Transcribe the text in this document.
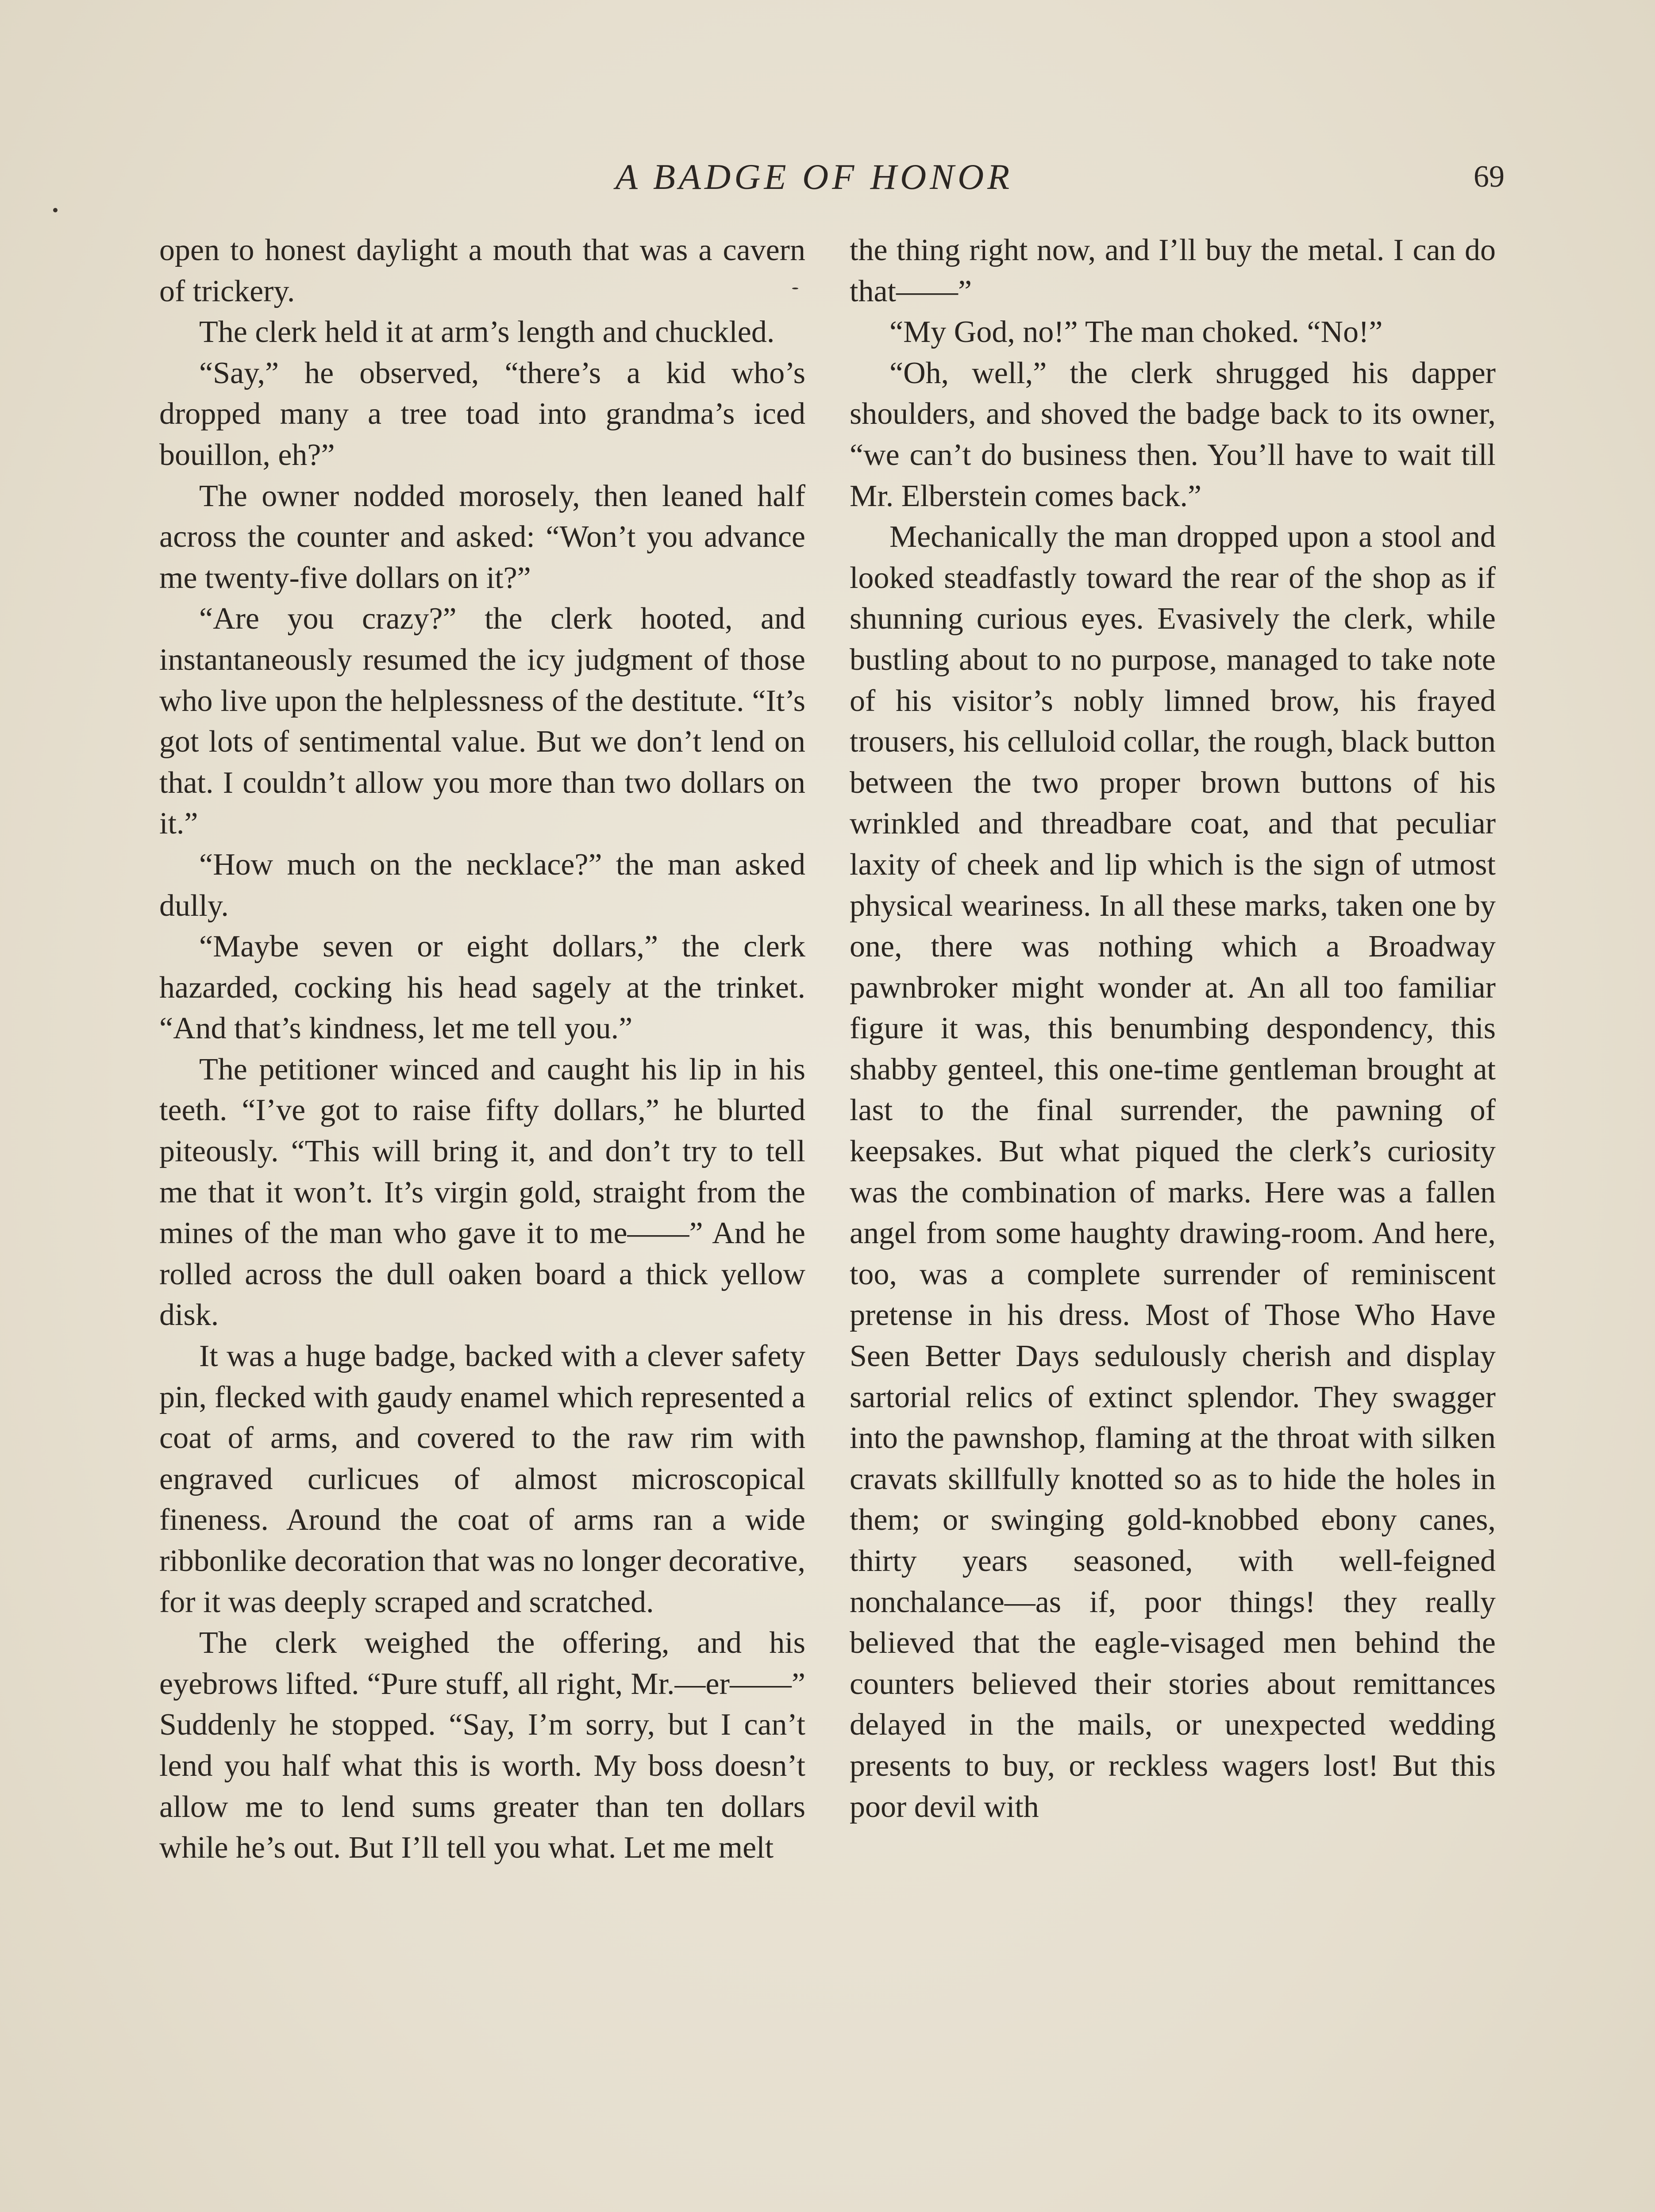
A BADGE OF HONOR	69

open to honest daylight a mouth that was a cavern of trickery.

The clerk held it at arm’s length and chuckled.

“Say,” he observed, “there’s a kid who’s dropped many a tree toad into grandma’s iced bouillon, eh?”

The owner nodded morosely, then leaned half across the counter and asked: “Won’t you advance me twenty-five dollars on it?”

“Are you crazy?” the clerk hooted, and instantaneously resumed the icy judgment of those who live upon the helplessness of the destitute. “It’s got lots of sentimental value. But we don’t lend on that. I couldn’t allow you more than two dollars on it.”

“How much on the necklace?” the man asked dully.

“Maybe seven or eight dollars,” the clerk hazarded, cocking his head sagely at the trinket. “And that’s kindness, let me tell you.”

The petitioner winced and caught his lip in his teeth. “I’ve got to raise fifty dollars,” he blurted piteously. “This will bring it, and don’t try to tell me that it won’t. It’s virgin gold, straight from the mines of the man who gave it to me——” And he rolled across the dull oaken board a thick yellow disk.

It was a huge badge, backed with a clever safety pin, flecked with gaudy enamel which represented a coat of arms, and covered to the raw rim with engraved curlicues of almost microscopical fineness. Around the coat of arms ran a wide ribbonlike decoration that was no longer decorative, for it was deeply scraped and scratched.

The clerk weighed the offering, and his eyebrows lifted. “Pure stuff, all right, Mr.—er——” Suddenly he stopped. “Say, I’m sorry, but I can’t lend you half what this is worth. My boss doesn’t allow me to lend sums greater than ten dollars while he’s out. But I’ll tell you what. Let me melt

the thing right now, and I’ll buy the metal. I can do that——”

“My God, no!” The man choked. “No!”

“Oh, well,” the clerk shrugged his dapper shoulders, and shoved the badge back to its owner, “we can’t do business then. You’ll have to wait till Mr. Elberstein comes back.”

Mechanically the man dropped upon a stool and looked steadfastly toward the rear of the shop as if shunning curious eyes. Evasively the clerk, while bustling about to no purpose, managed to take note of his visitor’s nobly limned brow, his frayed trousers, his celluloid collar, the rough, black button between the two proper brown buttons of his wrinkled and threadbare coat, and that peculiar laxity of cheek and lip which is the sign of utmost physical weariness. In all these marks, taken one by one, there was nothing which a Broadway pawnbroker might wonder at. An all too familiar figure it was, this benumbing despondency, this shabby genteel, this one-time gentleman brought at last to the final surrender, the pawning of keepsakes. But what piqued the clerk’s curiosity was the combination of marks. Here was a fallen angel from some haughty drawing-room. And here, too, was a complete surrender of reminiscent pretense in his dress. Most of Those Who Have Seen Better Days sedulously cherish and display sartorial relics of extinct splendor. They swagger into the pawnshop, flaming at the throat with silken cravats skillfully knotted so as to hide the holes in them; or swinging gold-knobbed ebony canes, thirty years seasoned, with well-feigned nonchalance—as if, poor things! they really believed that the eagle-visaged men behind the counters believed their stories about remittances delayed in the mails, or unexpected wedding presents to buy, or reckless wagers lost! But this poor devil with
